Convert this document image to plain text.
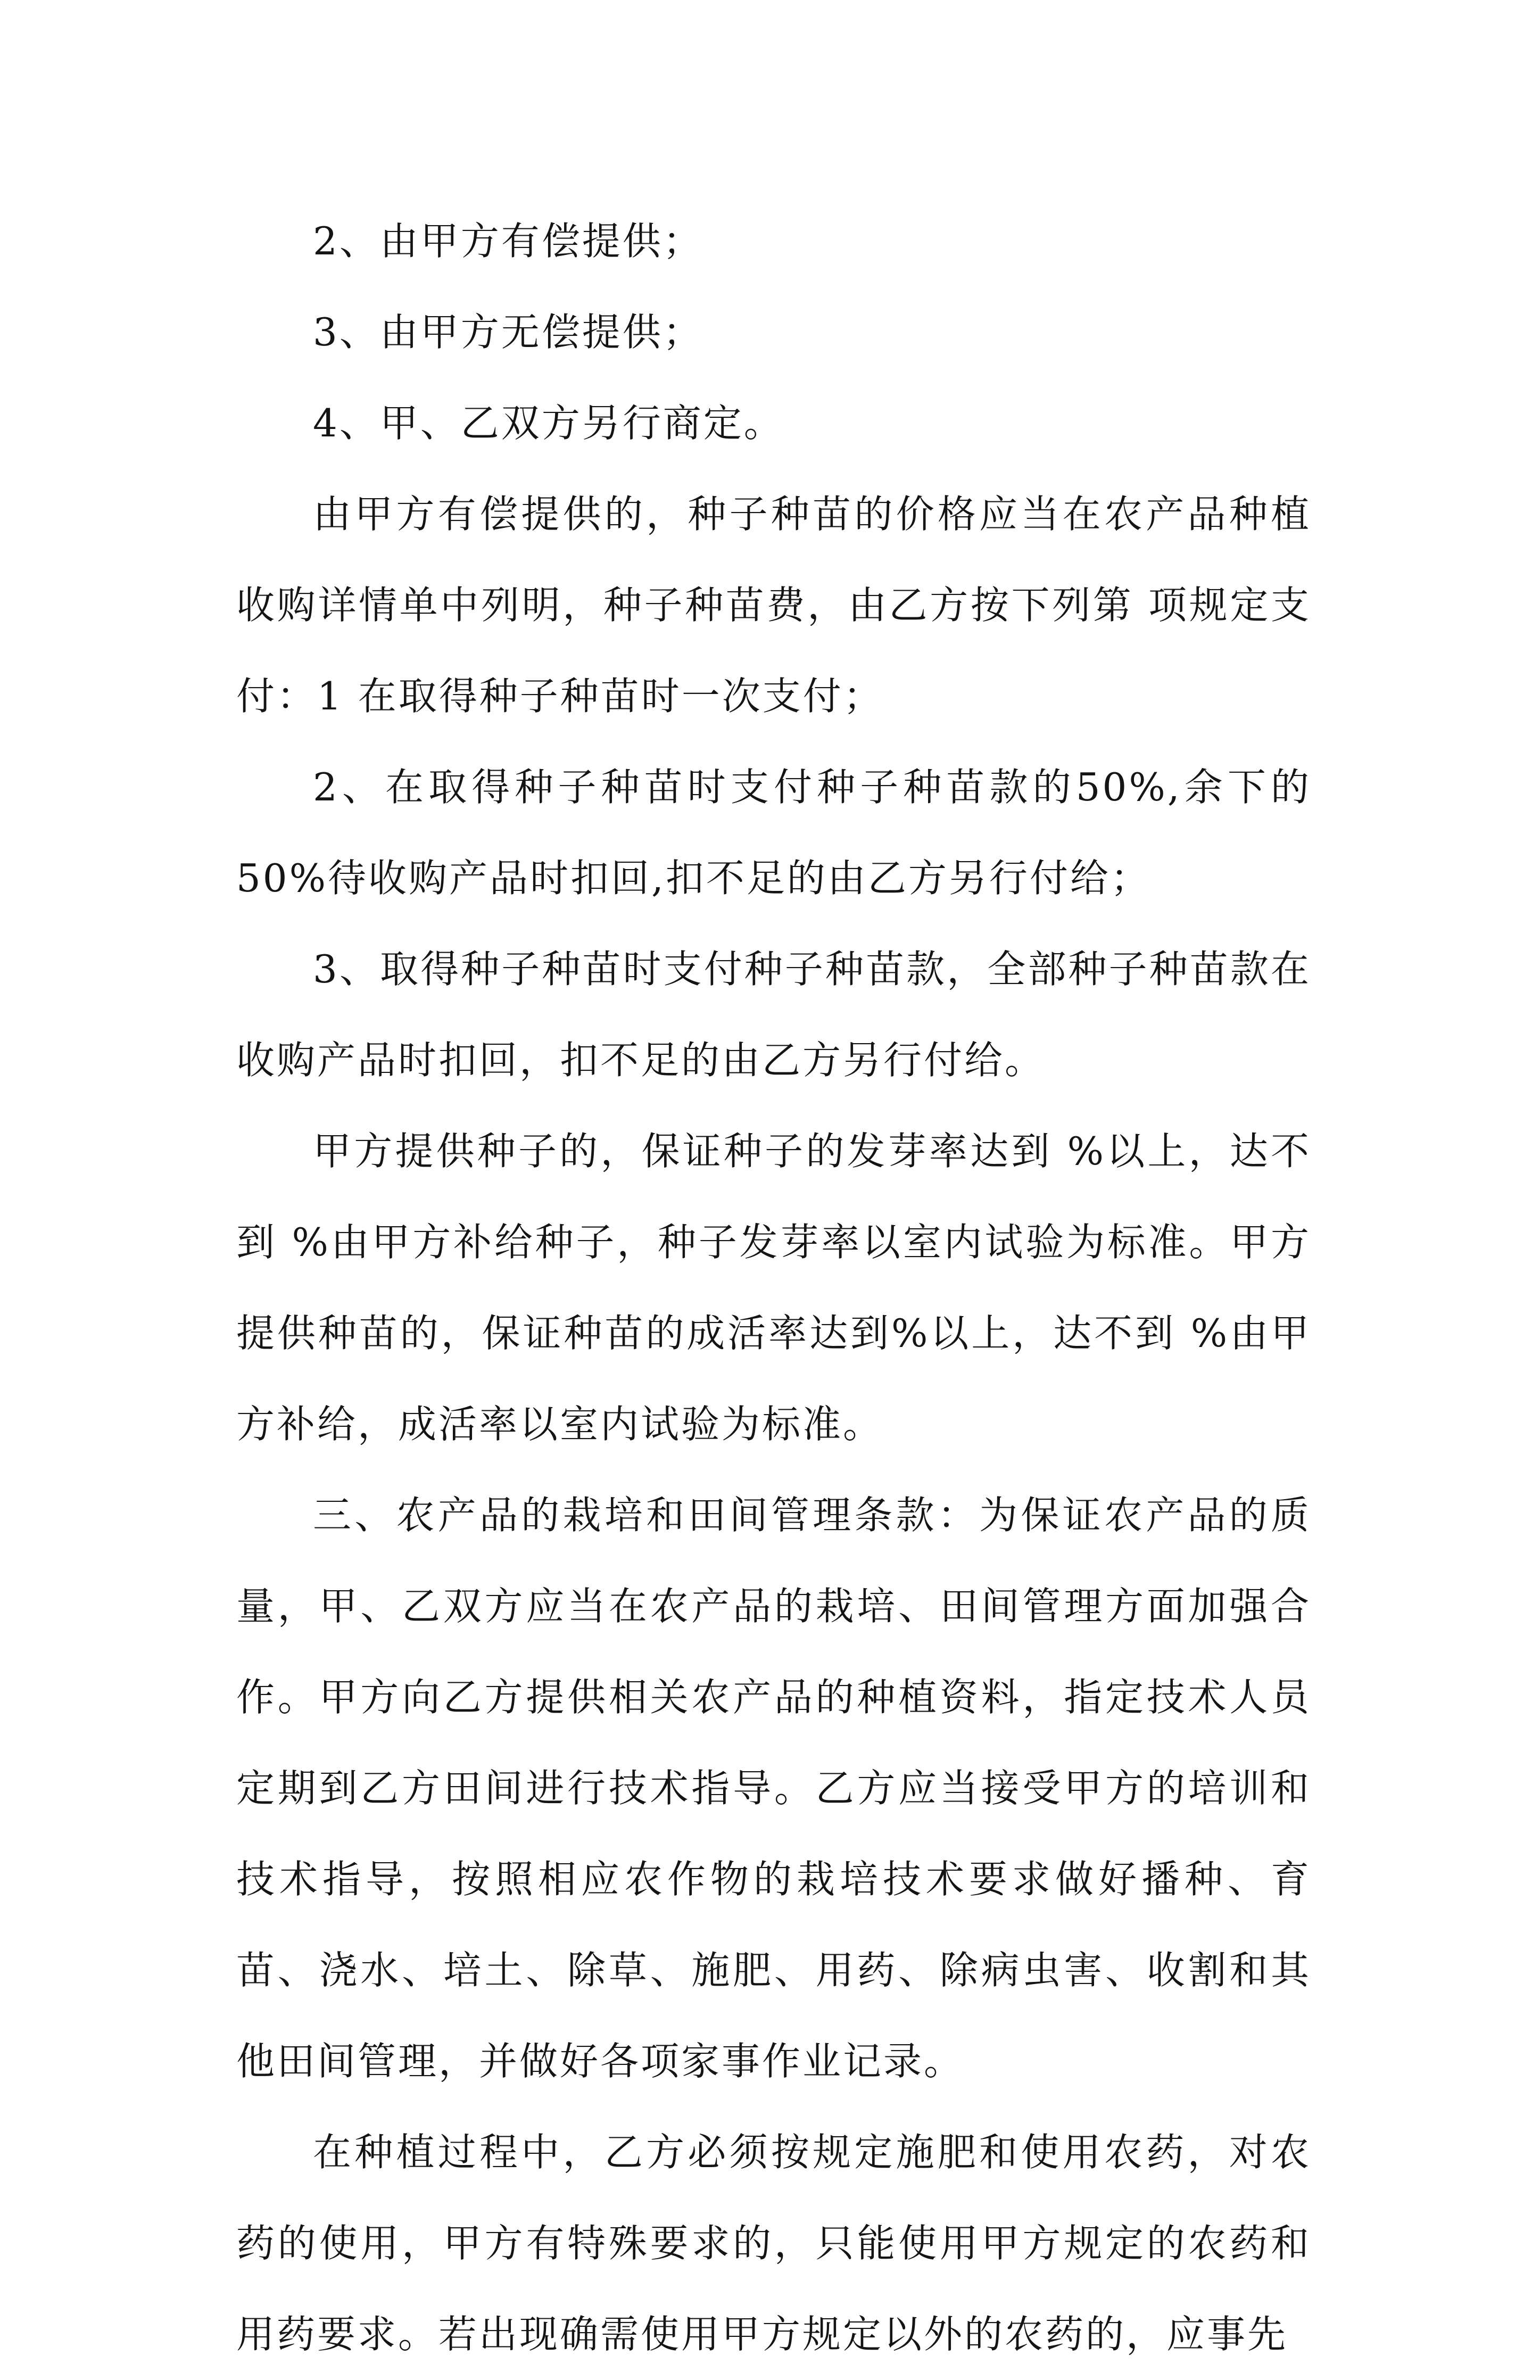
2、由甲方有偿提供；

3、由甲方无偿提供；

4、甲、乙双方另行商定。

由甲方有偿提供的，种子种苗的价格应当在农产品种植收购详情单中列明，种子种苗费，由乙方按下列第 项规定支付：1 在取得种子种苗时一次支付；

2、在取得种子种苗时支付种子种苗款的50%,余下的50%待收购产品时扣回,扣不足的由乙方另行付给；

3、取得种子种苗时支付种子种苗款，全部种子种苗款在收购产品时扣回，扣不足的由乙方另行付给。

甲方提供种子的，保证种子的发芽率达到 %以上，达不到 %由甲方补给种子，种子发芽率以室内试验为标准。甲方提供种苗的，保证种苗的成活率达到%以上，达不到 %由甲方补给，成活率以室内试验为标准。

三、农产品的栽培和田间管理条款：为保证农产品的质量，甲、乙双方应当在农产品的栽培、田间管理方面加强合作。甲方向乙方提供相关农产品的种植资料，指定技术人员定期到乙方田间进行技术指导。乙方应当接受甲方的培训和技术指导，按照相应农作物的栽培技术要求做好播种、育苗、浇水、培土、除草、施肥、用药、除病虫害、收割和其他田间管理，并做好各项家事作业记录。

在种植过程中，乙方必须按规定施肥和使用农药，对农药的使用，甲方有特殊要求的，只能使用甲方规定的农药和用药要求。若出现确需使用甲方规定以外的农药的，应事先
